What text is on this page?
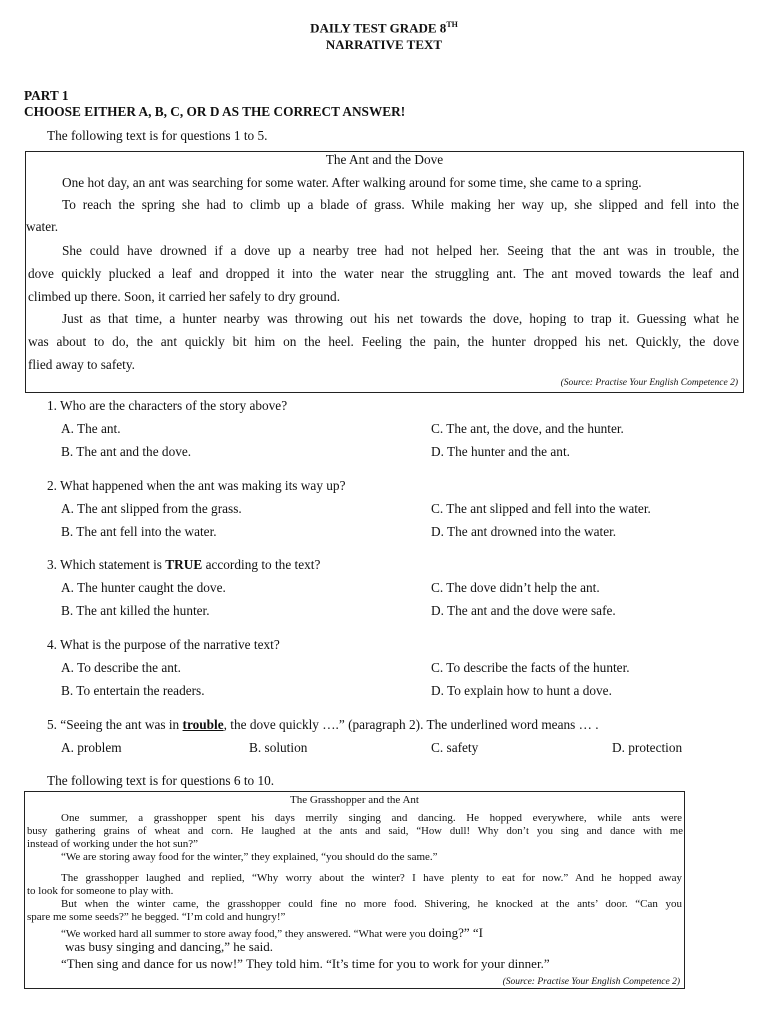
DAILY TEST GRADE 8TH
NARRATIVE TEXT
PART 1
CHOOSE EITHER A, B, C, OR D AS THE CORRECT ANSWER!
The following text is for questions 1 to 5.
The Ant and the Dove
One hot day, an ant was searching for some water. After walking around for some time, she came to a spring.
To reach the spring she had to climb up a blade of grass. While making her way up, she slipped and fell into the
water.
She could have drowned if a dove up a nearby tree had not helped her. Seeing that the ant was in trouble, the
dove quickly plucked a leaf and dropped it into the water near the struggling ant. The ant moved towards the leaf and
climbed up there. Soon, it carried her safely to dry ground.
Just as that time, a hunter nearby was throwing out his net towards the dove, hoping to trap it. Guessing what he
was about to do, the ant quickly bit him on the heel. Feeling the pain, the hunter dropped his net. Quickly, the dove
flied away to safety.
(Source: Practise Your English Competence 2)
1. Who are the characters of the story above?
A. The ant.	C. The ant, the dove, and the hunter.
B. The ant and the dove.	D. The hunter and the ant.
2. What happened when the ant was making its way up?
A. The ant slipped from the grass.	C. The ant slipped and fell into the water.
B. The ant fell into the water.	D. The ant drowned into the water.
3. Which statement is TRUE according to the text?
A. The hunter caught the dove.	C. The dove didn’t help the ant.
B. The ant killed the hunter.	D. The ant and the dove were safe.
4. What is the purpose of the narrative text?
A. To describe the ant.	C. To describe the facts of the hunter.
B. To entertain the readers.	D. To explain how to hunt a dove.
5. “Seeing the ant was in trouble, the dove quickly ….” (paragraph 2). The underlined word means … .
A. problem	B. solution	C. safety	D. protection
The following text is for questions 6 to 10.
The Grasshopper and the Ant
One summer, a grasshopper spent his days merrily singing and dancing. He hopped everywhere, while ants were
busy gathering grains of wheat and corn. He laughed at the ants and said, “How dull! Why don’t you sing and dance with me
instead of working under the hot sun?”
“We are storing away food for the winter,” they explained, “you should do the same.”
The grasshopper laughed and replied, “Why worry about the winter? I have plenty to eat for now.” And he hopped away
to look for someone to play with.
But when the winter came, the grasshopper could fine no more food. Shivering, he knocked at the ants’ door. “Can you
spare me some seeds?” he begged. “I’m cold and hungry!”
“We worked hard all summer to store away food,” they answered. “What were you doing?” “I
was busy singing and dancing,” he said.
“Then sing and dance for us now!” They told him. “It’s time for you to work for your dinner.”
(Source: Practise Your English Competence 2)
